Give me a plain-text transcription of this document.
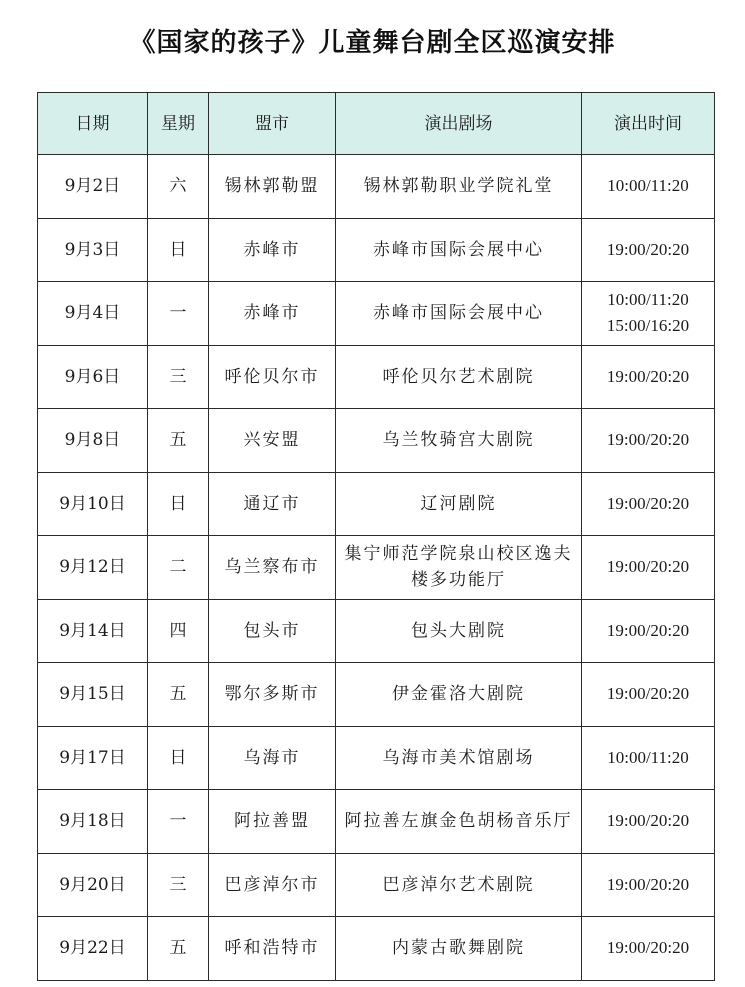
《国家的孩子》儿童舞台剧全区巡演安排
日期	星期	盟市	演出剧场	演出时间
9月2日	六	锡林郭勒盟	锡林郭勒职业学院礼堂	10:00/11:20

9月3日	日	赤峰市	赤峰市国际会展中心	19:00/20:20

9月4日	一	赤峰市	赤峰市国际会展中心	10:00/11:20
15:00/16:20

9月6日	三	呼伦贝尔市	呼伦贝尔艺术剧院	19:00/20:20

9月8日	五	兴安盟	乌兰牧骑宫大剧院	19:00/20:20

9月10日	日	通辽市	辽河剧院	19:00/20:20

9月12日	二	乌兰察布市	集宁师范学院泉山校区逸夫楼多功能厅	19:00/20:20

9月14日	四	包头市	包头大剧院	19:00/20:20

9月15日	五	鄂尔多斯市	伊金霍洛大剧院	19:00/20:20

9月17日	日	乌海市	乌海市美术馆剧场	10:00/11:20

9月18日	一	阿拉善盟	阿拉善左旗金色胡杨音乐厅	19:00/20:20

9月20日	三	巴彦淖尔市	巴彦淖尔艺术剧院	19:00/20:20

9月22日	五	呼和浩特市	内蒙古歌舞剧院	19:00/20:20
